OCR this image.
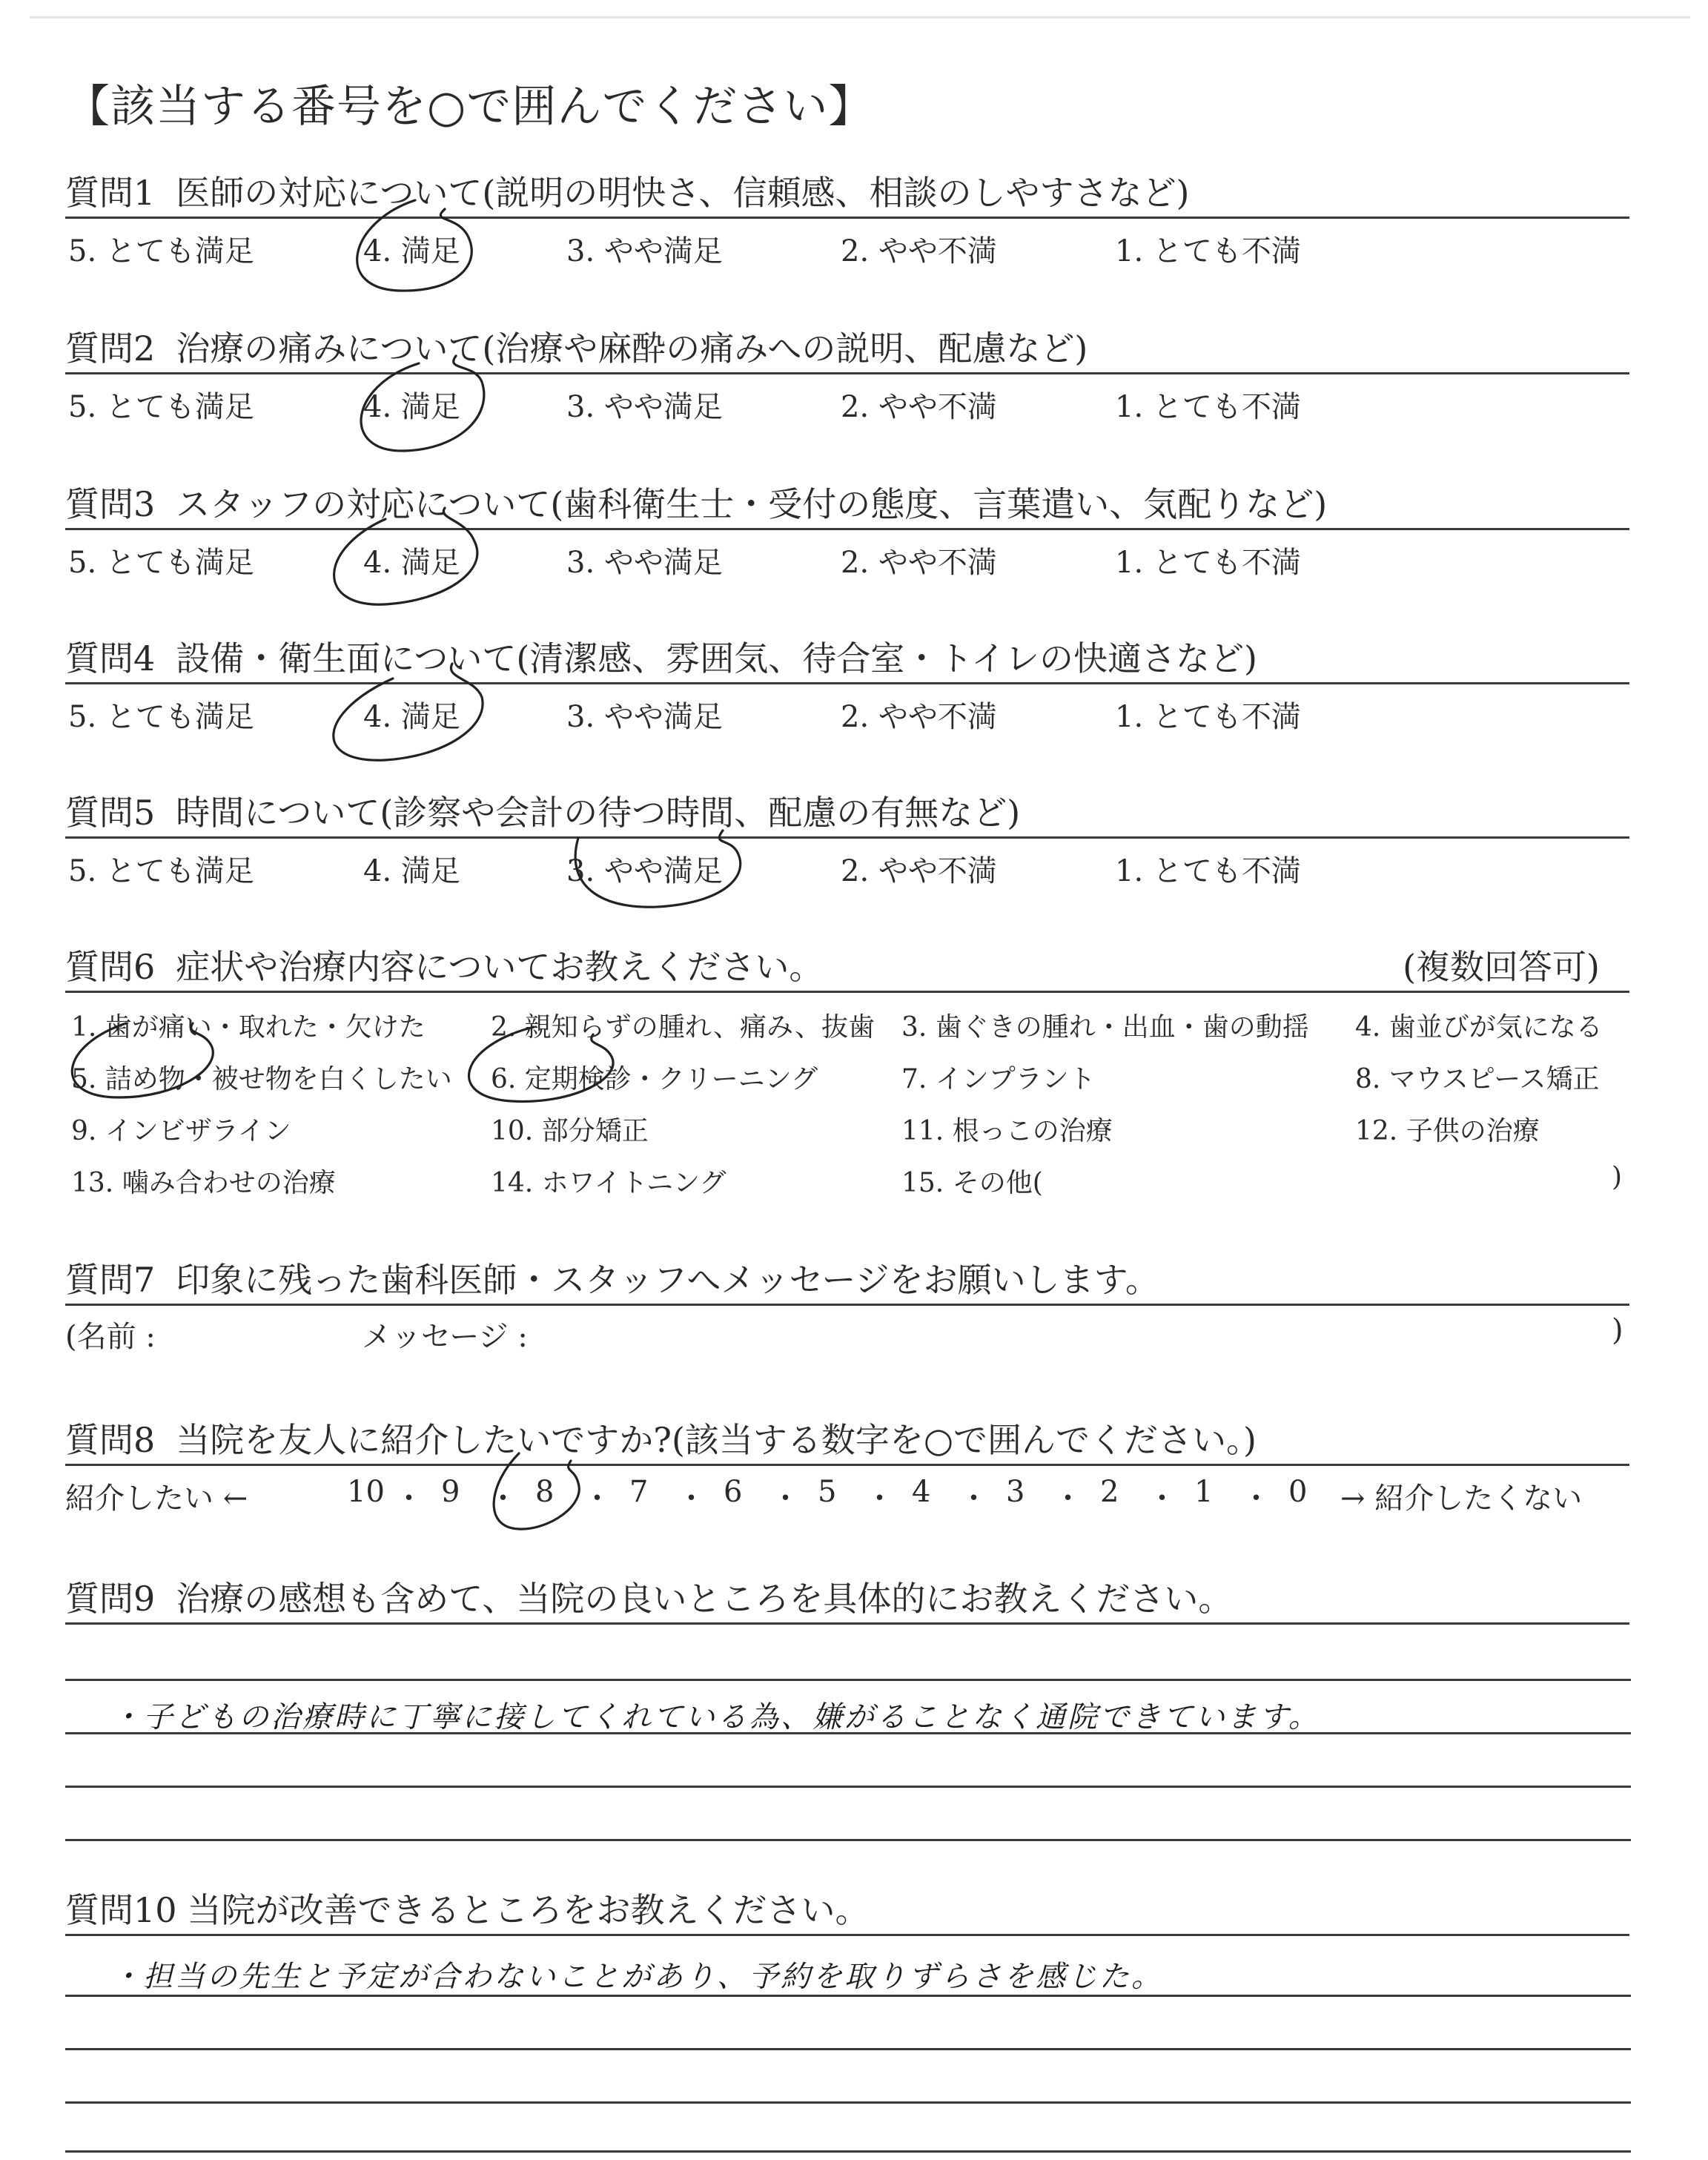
【該当する番号を○で囲んでください】
質問1 医師の対応について(説明の明快さ、信頼感、相談のしやすさなど)
5. とても満足	4. 満足	3. やや満足	2. やや不満	1. とても不満
質問2 治療の痛みについて(治療や麻酔の痛みへの説明、配慮など)
5. とても満足	4. 満足	3. やや満足	2. やや不満	1. とても不満
質問3 スタッフの対応について(歯科衛生士・受付の態度、言葉遣い、気配りなど)
5. とても満足	4. 満足	3. やや満足	2. やや不満	1. とても不満
質問4 設備・衛生面について(清潔感、雰囲気、待合室・トイレの快適さなど)
5. とても満足	4. 満足	3. やや満足	2. やや不満	1. とても不満
質問5 時間について(診察や会計の待つ時間、配慮の有無など)
5. とても満足	4. 満足	3. やや満足	2. やや不満	1. とても不満
質問6 症状や治療内容についてお教えください。	(複数回答可)
1. 歯が痛い・取れた・欠けた 2. 親知らずの腫れ、痛み、抜歯 3. 歯ぐきの腫れ・出血・歯の動揺 4. 歯並びが気になる
5. 詰め物・被せ物を白くしたい 6. 定期検診・クリーニング	7. インプラント	8. マウスピース矯正
9. インビザライン	10. 部分矯正	11. 根っこの治療	12. 子供の治療
13. 噛み合わせの治療	14. ホワイトニング	15. その他(	)
質問7 印象に残った歯科医師・スタッフへメッセージをお願いします。
(名前 :	メッセージ :	)
質問8 当院を友人に紹介したいですか?(該当する数字を○で囲んでください。)
紹介したい ←	→ 紹介したくない
10 ・ 9 ・ 8 ・ 7 ・ 6 ・ 5 ・ 4 ・ 3 ・ 2 ・ 1 ・ 0
質問9 治療の感想も含めて、当院の良いところを具体的にお教えください。
・子どもの治療時に丁寧に接してくれている為、嫌がることなく通院できています。
質問10 当院が改善できるところをお教えください。
・担当の先生と予定が合わないことがあり、予約を取りずらさを感じた。
